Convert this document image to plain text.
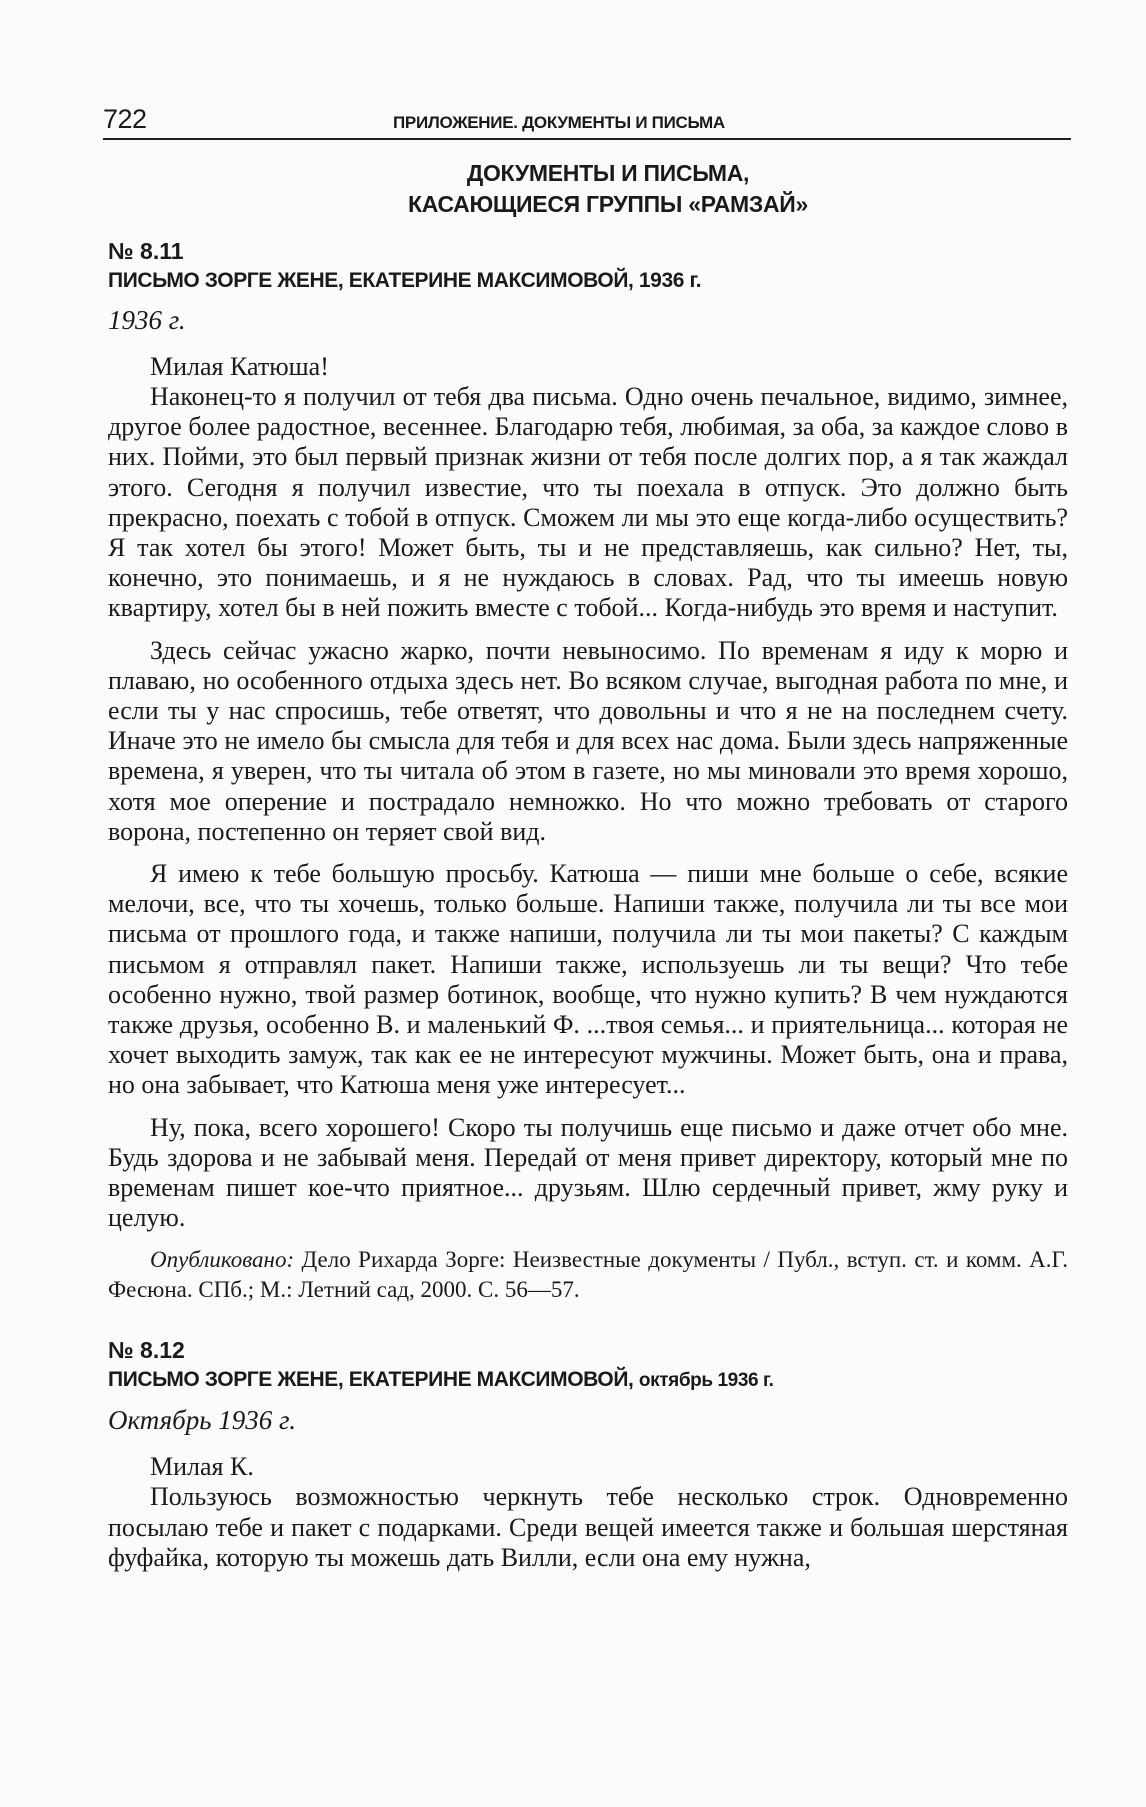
722	ПРИЛОЖЕНИЕ. ДОКУМЕНТЫ И ПИСЬМА
ДОКУМЕНТЫ И ПИСЬМА,
КАСАЮЩИЕСЯ ГРУППЫ «РАМЗАЙ»

№ 8.11

ПИСЬМО ЗОРГЕ ЖЕНЕ, ЕКАТЕРИНЕ МАКСИМОВОЙ, 1936 г.

1936 г.

Милая Катюша!

Наконец-то я получил от тебя два письма. Одно очень печальное, видимо, зимнее, другое более радостное, весеннее. Благодарю тебя, любимая, за оба, за каждое слово в них. Пойми, это был первый признак жизни от тебя после долгих пор, а я так жаждал этого. Сегодня я получил известие, что ты поехала в отпуск. Это должно быть прекрасно, поехать с тобой в отпуск. Сможем ли мы это еще когда-либо осуществить? Я так хотел бы этого! Может быть, ты и не представляешь, как сильно? Нет, ты, конечно, это понимаешь, и я не нуждаюсь в словах. Рад, что ты имеешь новую квартиру, хотел бы в ней пожить вместе с тобой... Когда-нибудь это время и наступит.

Здесь сейчас ужасно жарко, почти невыносимо. По временам я иду к морю и плаваю, но особенного отдыха здесь нет. Во всяком случае, выгодная работа по мне, и если ты у нас спросишь, тебе ответят, что довольны и что я не на последнем счету. Иначе это не имело бы смысла для тебя и для всех нас дома. Были здесь напряженные времена, я уверен, что ты читала об этом в газете, но мы миновали это время хорошо, хотя мое оперение и пострадало немножко. Но что можно требовать от старого ворона, постепенно он теряет свой вид.

Я имею к тебе большую просьбу. Катюша — пиши мне больше о себе, всякие мелочи, все, что ты хочешь, только больше. Напиши также, получила ли ты все мои письма от прошлого года, и также напиши, получила ли ты мои пакеты? С каждым письмом я отправлял пакет. Напиши также, используешь ли ты вещи? Что тебе особенно нужно, твой размер ботинок, вообще, что нужно купить? В чем нуждаются также друзья, особенно В. и маленький Ф. ...твоя семья... и приятельница... которая не хочет выходить замуж, так как ее не интересуют мужчины. Может быть, она и права, но она забывает, что Катюша меня уже интересует...

Ну, пока, всего хорошего! Скоро ты получишь еще письмо и даже отчет обо мне. Будь здорова и не забывай меня. Передай от меня привет директору, который мне по временам пишет кое-что приятное... друзьям. Шлю сердечный привет, жму руку и целую.

Опубликовано: Дело Рихарда Зорге: Неизвестные документы / Публ., вступ. ст. и комм. А.Г. Фесюна. СПб.; М.: Летний сад, 2000. С. 56—57.

№ 8.12

ПИСЬМО ЗОРГЕ ЖЕНЕ, ЕКАТЕРИНЕ МАКСИМОВОЙ, октябрь 1936 г.

Октябрь 1936 г.

Милая К.

Пользуюсь возможностью черкнуть тебе несколько строк. Одновременно посылаю тебе и пакет с подарками. Среди вещей имеется также и большая шерстяная фуфайка, которую ты можешь дать Вилли, если она ему нужна,
